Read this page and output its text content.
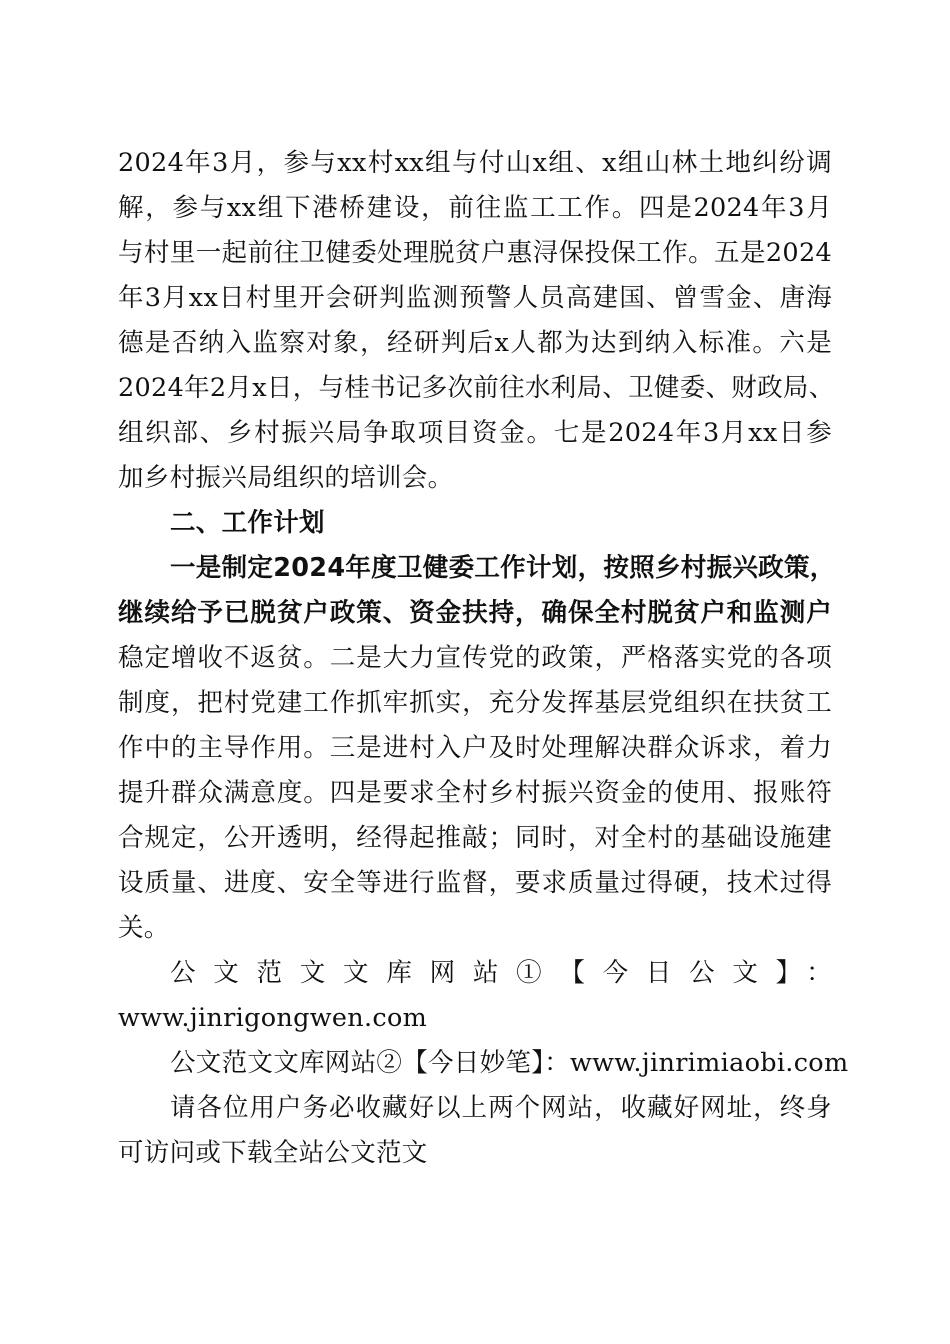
2024年3月，参与xx村xx组与付山x组、x组山林土地纠纷调
解，参与xx组下港桥建设，前往监工工作。四是2024年3月
与村里一起前往卫健委处理脱贫户惠浔保投保工作。五是2024
年3月xx日村里开会研判监测预警人员高建国、曾雪金、唐海
德是否纳入监察对象，经研判后x人都为达到纳入标准。六是
2024年2月x日，与桂书记多次前往水利局、卫健委、财政局、
组织部、乡村振兴局争取项目资金。七是2024年3月xx日参
加乡村振兴局组织的培训会。
二、工作计划
一是制定2024年度卫健委工作计划，按照乡村振兴政策，
继续给予已脱贫户政策、资金扶持，确保全村脱贫户和监测户
稳定增收不返贫。二是大力宣传党的政策，严格落实党的各项
制度，把村党建工作抓牢抓实，充分发挥基层党组织在扶贫工
作中的主导作用。三是进村入户及时处理解决群众诉求，着力
提升群众满意度。四是要求全村乡村振兴资金的使用、报账符
合规定，公开透明，经得起推敲；同时，对全村的基础设施建
设质量、进度、安全等进行监督，要求质量过得硬，技术过得
关。
公文范文文库网站①【今日公文】：
www.jinrigongwen.com
公文范文文库网站②【今日妙笔】：www.jinrimiaobi.com
请各位用户务必收藏好以上两个网站，收藏好网址，终身
可访问或下载全站公文范文
